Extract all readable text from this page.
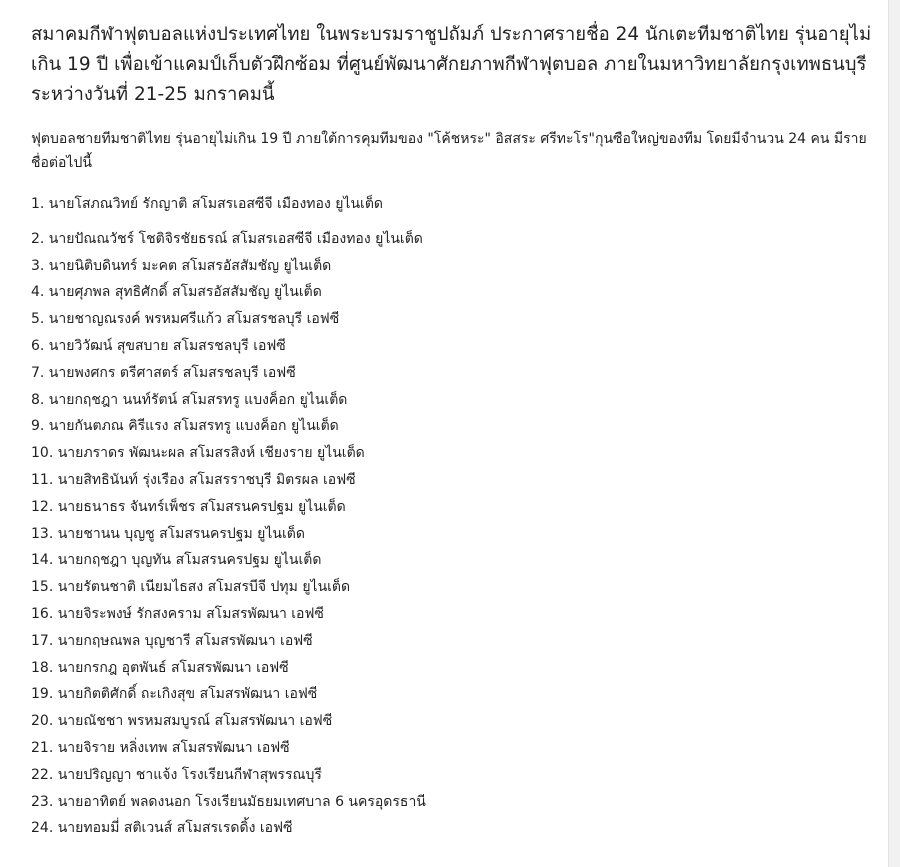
สมาคมกีฬาฟุตบอลแห่งประเทศไทย ในพระบรมราชูปถัมภ์ ประกาศรายชื่อ 24 นักเตะทีมชาติไทย รุ่นอายุไม่เกิน 19 ปี เพื่อเข้าแคมป์เก็บตัวฝึกซ้อม ที่ศูนย์พัฒนาศักยภาพกีฬาฟุตบอล ภายในมหาวิทยาลัยกรุงเทพธนบุรี ระหว่างวันที่ 21-25 มกราคมนี้
ฟุตบอลชายทีมชาติไทย รุ่นอายุไม่เกิน 19 ปี ภายใต้การคุมทีมของ "โค้ชหระ" อิสสระ ศรีทะโร"กุนซือใหญ่ของทีม โดยมีจำนวน 24 คน มีรายชื่อต่อไปนี้
1. นายโสภณวิทย์ รักญาติ สโมสรเอสซีจี เมืองทอง ยูไนเต็ด
2. นายปัณณวัชร์ โชติจิรชัยธรณ์ สโมสรเอสซีจี เมืองทอง ยูไนเต็ด
3. นายนิติบดินทร์ มะคต สโมสรอัสสัมชัญ ยูไนเต็ด
4. นายศุภพล สุทธิศักดิ์ สโมสรอัสสัมชัญ ยูไนเต็ด
5. นายชาญณรงค์ พรหมศรีแก้ว สโมสรชลบุรี เอฟซี
6. นายวิวัฒน์ สุขสบาย สโมสรชลบุรี เอฟซี
7. นายพงศกร ตรีศาสตร์ สโมสรชลบุรี เอฟซี
8. นายกฤชฎา นนท์รัตน์ สโมสรทรู แบงค็อก ยูไนเต็ด
9. นายกันตภณ คิรีแรง สโมสรทรู แบงค็อก ยูไนเต็ด
10. นายภราดร พัฒนะผล สโมสรสิงห์ เชียงราย ยูไนเต็ด
11. นายสิทธินันท์ รุ่งเรือง สโมสรราชบุรี มิตรผล เอฟซี
12. นายธนาธร จันทร์เพ็ชร สโมสรนครปฐม ยูไนเต็ด
13. นายชานน บุญชู สโมสรนครปฐม ยูไนเต็ด
14. นายกฤชฎา บุญทัน สโมสรนครปฐม ยูไนเต็ด
15. นายรัตนชาติ เนียมไธสง สโมสรบีจี ปทุม ยูไนเต็ด
16. นายจิระพงษ์ รักสงคราม สโมสรพัฒนา เอฟซี
17. นายกฤษณพล บุญชารี สโมสรพัฒนา เอฟซี
18. นายกรกฎ อุตพันธ์ สโมสรพัฒนา เอฟซี
19. นายกิตติศักดิ์ ถะเกิงสุข สโมสรพัฒนา เอฟซี
20. นายณัชชา พรหมสมบูรณ์ สโมสรพัฒนา เอฟซี
21. นายจิราย หลิ่งเทพ สโมสรพัฒนา เอฟซี
22. นายปริญญา ชาแจ้ง โรงเรียนกีฬาสุพรรณบุรี
23. นายอาทิตย์ พลดงนอก โรงเรียนมัธยมเทศบาล 6 นครอุดรธานี
24. นายทอมมี่ สติเวนส์ สโมสรเรดดิ้ง เอฟซี
